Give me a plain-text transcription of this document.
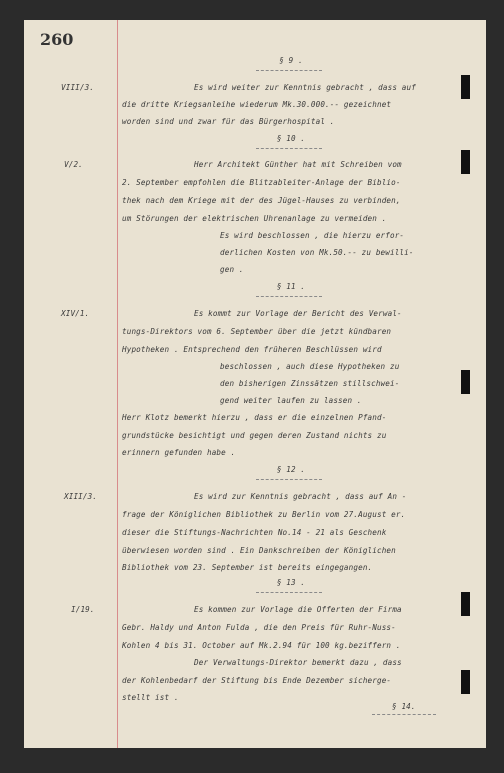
260
§ 9 .
VIII/3.	Es wird weiter zur Kenntnis gebracht , dass auf
die dritte Kriegsanleihe wiederum Mk.30.000.-- gezeichnet
worden sind und zwar für das Bürgerhospital .
§ 10 .
V/2.	Herr Architekt Günther hat mit Schreiben vom
2. September empfohlen die Blitzableiter-Anlage der Biblio-
thek nach dem Kriege mit der des Jügel-Hauses zu verbinden,
um Störungen der elektrischen Uhrenanlage zu vermeiden .
Es wird beschlossen , die hierzu erfor-
derlichen Kosten von Mk.50.-- zu bewilli-
gen .
§ 11 .
XIV/1.	Es kommt zur Vorlage der Bericht des Verwal-
tungs-Direktors vom 6. September über die jetzt kündbaren
Hypotheken . Entsprechend den früheren Beschlüssen wird
beschlossen , auch diese Hypotheken zu
den bisherigen Zinssätzen stillschwei-
gend weiter laufen zu lassen .
Herr Klotz bemerkt hierzu , dass er die einzelnen Pfand-
grundstücke besichtigt und gegen deren Zustand nichts zu
erinnern gefunden habe .
§ 12 .
XIII/3.	Es wird zur Kenntnis gebracht , dass auf An -
frage der Königlichen Bibliothek zu Berlin vom 27.August er.
dieser die Stiftungs-Nachrichten No.14 - 21 als Geschenk
überwiesen worden sind . Ein Dankschreiben der Königlichen
Bibliothek vom 23. September ist bereits eingegangen.
§ 13 .
I/19.	Es kommen zur Vorlage die Offerten der Firma
Gebr. Haldy und Anton Fulda , die den Preis für Ruhr-Nuss-
Kohlen 4 bis 31. October auf Mk.2.94 für 100 kg.beziffern .
Der Verwaltungs-Direktor bemerkt dazu , dass
der Kohlenbedarf der Stiftung bis Ende Dezember sicherge-
stellt ist .
§ 14.
